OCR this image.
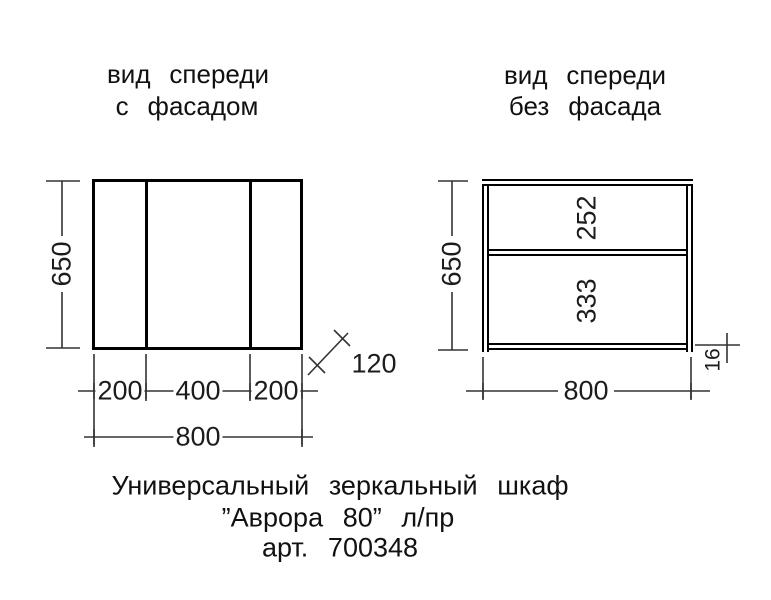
вид спереди
с фасадом
вид спереди
без фасада
650
200 400 200
800
120
650
252
333
16
800
Универсальный зеркальный шкаф
”Аврора 80” л/пр
арт. 700348
